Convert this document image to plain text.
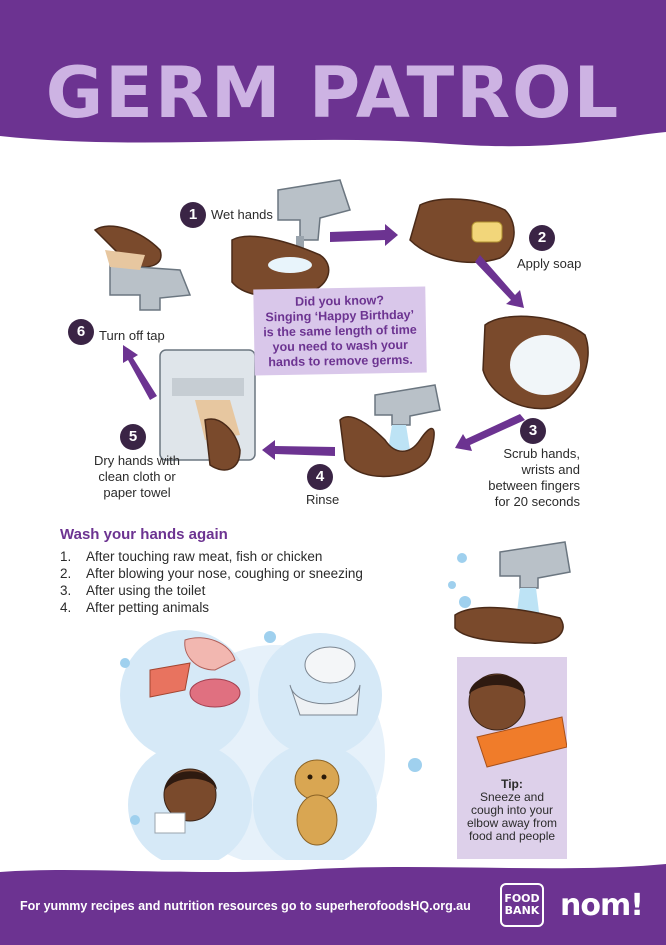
GERM PATROL
1	Wet hands
2
Apply soap
3
Scrub hands,
wrists and
between fingers
for 20 seconds
4
Rinse
5
Dry hands with
clean cloth or
paper towel
6	Turn off tap
Did you know?
Singing ‘Happy Birthday’
is the same length of time
you need to wash your
hands to remove germs.
Wash your hands again
1. After touching raw meat, fish or chicken
2. After blowing your nose, coughing or sneezing
3. After using the toilet
4. After petting animals
Tip:
Sneeze and
cough into your
elbow away from
food and people
For yummy recipes and nutrition resources go to superherofoodsHQ.org.au
FOOD BANK nom!
